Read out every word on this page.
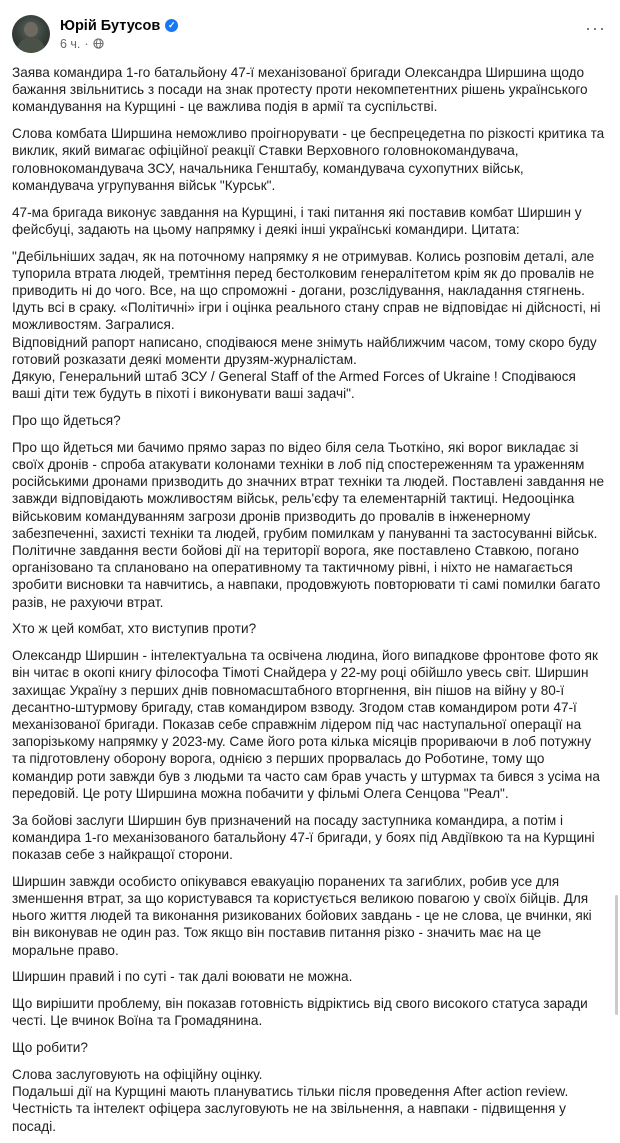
Юрій Бутусов ✓
6 ч. ·
···

Заява командира 1-го батальйону 47-ї механізованої бригади Олександра Ширшина щодо бажання звільнитись з посади на знак протесту проти некомпетентних рішень українського командування на Курщині - це важлива подія в армії та суспільстві.

Слова комбата Ширшина неможливо проігнорувати - це беспрецедетна по різкості критика та виклик, який вимагає офіційної реакції Ставки Верховного головнокомандувача, головнокомандувача ЗСУ, начальника Генштабу, командувача сухопутних військ, командувача угрупування військ "Курськ".

47-ма бригада виконує завдання на Курщині, і такі питання які поставив комбат Ширшин у фейсбуці, задають на цьому напрямку і деякі інші українські командири. Цитата:

"Дебільніших задач, як на поточному напрямку я не отримував. Колись розповім деталі, але тупорила втрата людей, тремтіння перед бестолковим генералітетом крім як до провалів не приводить ні до чого. Все, на що спроможні - догани, розслідування, накладання стягнень. Ідуть всі в сраку. «Політичні» ігри і оцінка реального стану справ не відповідає ні дійсності, ні можливостям. Загралися.
Відповідний рапорт написано, сподіваюся мене знімуть найближчим часом, тому скоро буду готовий розказати деякі моменти друзям-журналістам.
Дякую, Генеральний штаб ЗСУ / General Staff of the Armed Forces of Ukraine ! Сподіваюся ваші діти теж будуть в піхоті і виконувати ваші задачі".

Про що йдеться?

Про що йдеться ми бачимо прямо зараз по відео біля села Тьоткіно, які ворог викладає зі своїх дронів - спроба атакувати колонами техніки в лоб під спостереженням та ураженням російськими дронами призводить до значних втрат техніки та людей. Поставлені завдання не завжди відповідають можливостям військ, рель'єфу та елементарній тактиці. Недооцінка військовим командуванням загрози дронів призводить до провалів в інженерному забезпеченні, захисті техніки та людей, грубим помилкам у пануванні та застосуванні військ. Політичне завдання вести бойові дії на території ворога, яке поставлено Ставкою, погано організовано та спланованo на оперативному та тактичному рівні, і ніхто не намагається зробити висновки та навчитись, а навпаки, продовжують повторювати ті самі помилки багато разів, не рахуючи втрат.

Хто ж цей комбат, хто виступив проти?

Олександр Ширшин - інтелектуальна та освічена людина, його випадкове фронтове фото як він читає в окопі книгу філософа Тімоті Снайдера у 22-му році обійшло увесь світ. Ширшин захищає Україну з перших днів повномасштабного вторгнення, він пішов на війну у 80-ї десантно-штурмову бригаду, став командиром взводу. Згодом став командиром роти 47-ї механізованої бригади. Показав себе справжнім лідером під час наступальної операції на запорізькому напрямку у 2023-му. Саме його рота кілька місяців проривaючи в лоб потужну та підготовлену оборону ворога, однією з перших прорвалась до Роботине, тому що командир роти завжди був з людьми та часто сам брав участь у штурмах та бився з усіма на передовій. Це роту Ширшина можна побачити у фільмі Олега Сенцова "Реал".

За бойові заслуги Ширшин був призначений на посаду заступника командира, а потім і командира 1-го механізованого батальйону 47-ї бригади, у боях під Авдіївкою та на Курщині показав себе з найкращої сторони.

Ширшин завжди особисто опікувався евакуацію поранених та загиблих, робив усе для зменшення втрат, за що користувався та користується великою повагою у своїх бійців. Для нього життя людей та виконання ризикованих бойових завдань - це не слова, це вчинки, які він виконував не один раз. Тож якщо він поставив питання різко - значить має на це моральне право.

Ширшин правий і по суті - так далі воювати не можна.

Що вирішити проблему, він показав готовність відріктись від свого високого статуса заради честі. Це вчинок Воїна та Громадянина.

Що робити?

Слова заслуговують на офіційну оцінку.
Подальші дії на Курщині мають планувaтись тільки після проведення After action review.
Честність та інтелект офіцера заслуговують не на звільнення, а навпаки - підвищення у посаді.
